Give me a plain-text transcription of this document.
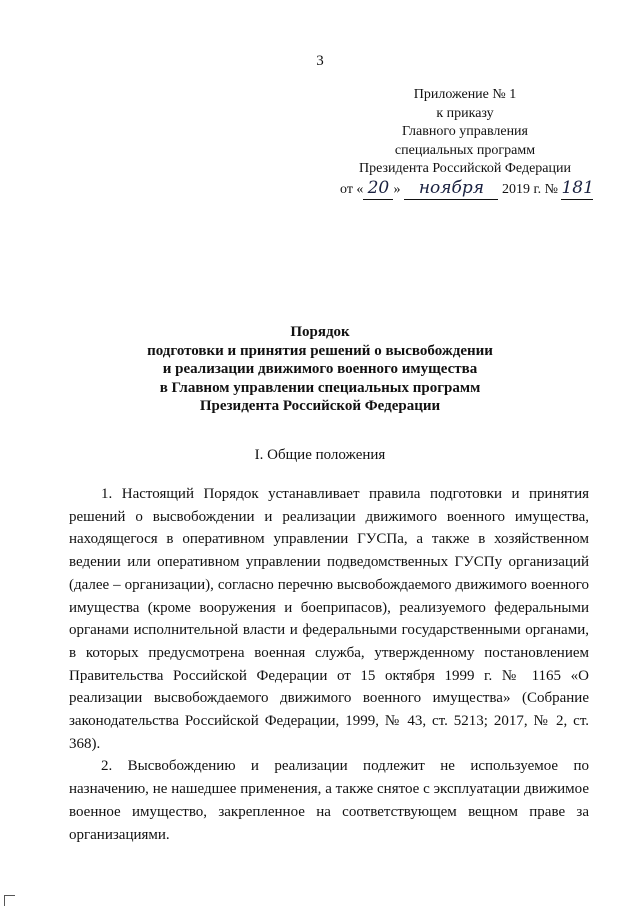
3
Приложение № 1
к приказу
Главного управления
специальных программ
Президента Российской Федерации
от « 20 » ноября 2019 г. № 181
Порядок
подготовки и принятия решений о высвобождении
и реализации движимого военного имущества
в Главном управлении специальных программ
Президента Российской Федерации
I. Общие положения

1. Настоящий Порядок устанавливает правила подготовки и принятия решений о высвобождении и реализации движимого военного имущества, находящегося в оперативном управлении ГУСПа, а также в хозяйственном ведении или оперативном управлении подведомственных ГУСПу организаций (далее – организации), согласно перечню высвобождаемого движимого военного имущества (кроме вооружения и боеприпасов), реализуемого федеральными органами исполнительной власти и федеральными государственными органами, в которых предусмотрена военная служба, утвержденному постановлением Правительства Российской Федерации от 15 октября 1999 г. № 1165 «О реализации высвобождаемого движимого военного имущества» (Собрание законодательства Российской Федерации, 1999, № 43, ст. 5213; 2017, № 2, ст. 368).

2. Высвобождению и реализации подлежит не используемое по назначению, не нашедшее применения, а также снятое с эксплуатации движимое военное имущество, закрепленное на соответствующем вещном праве за организациями.
